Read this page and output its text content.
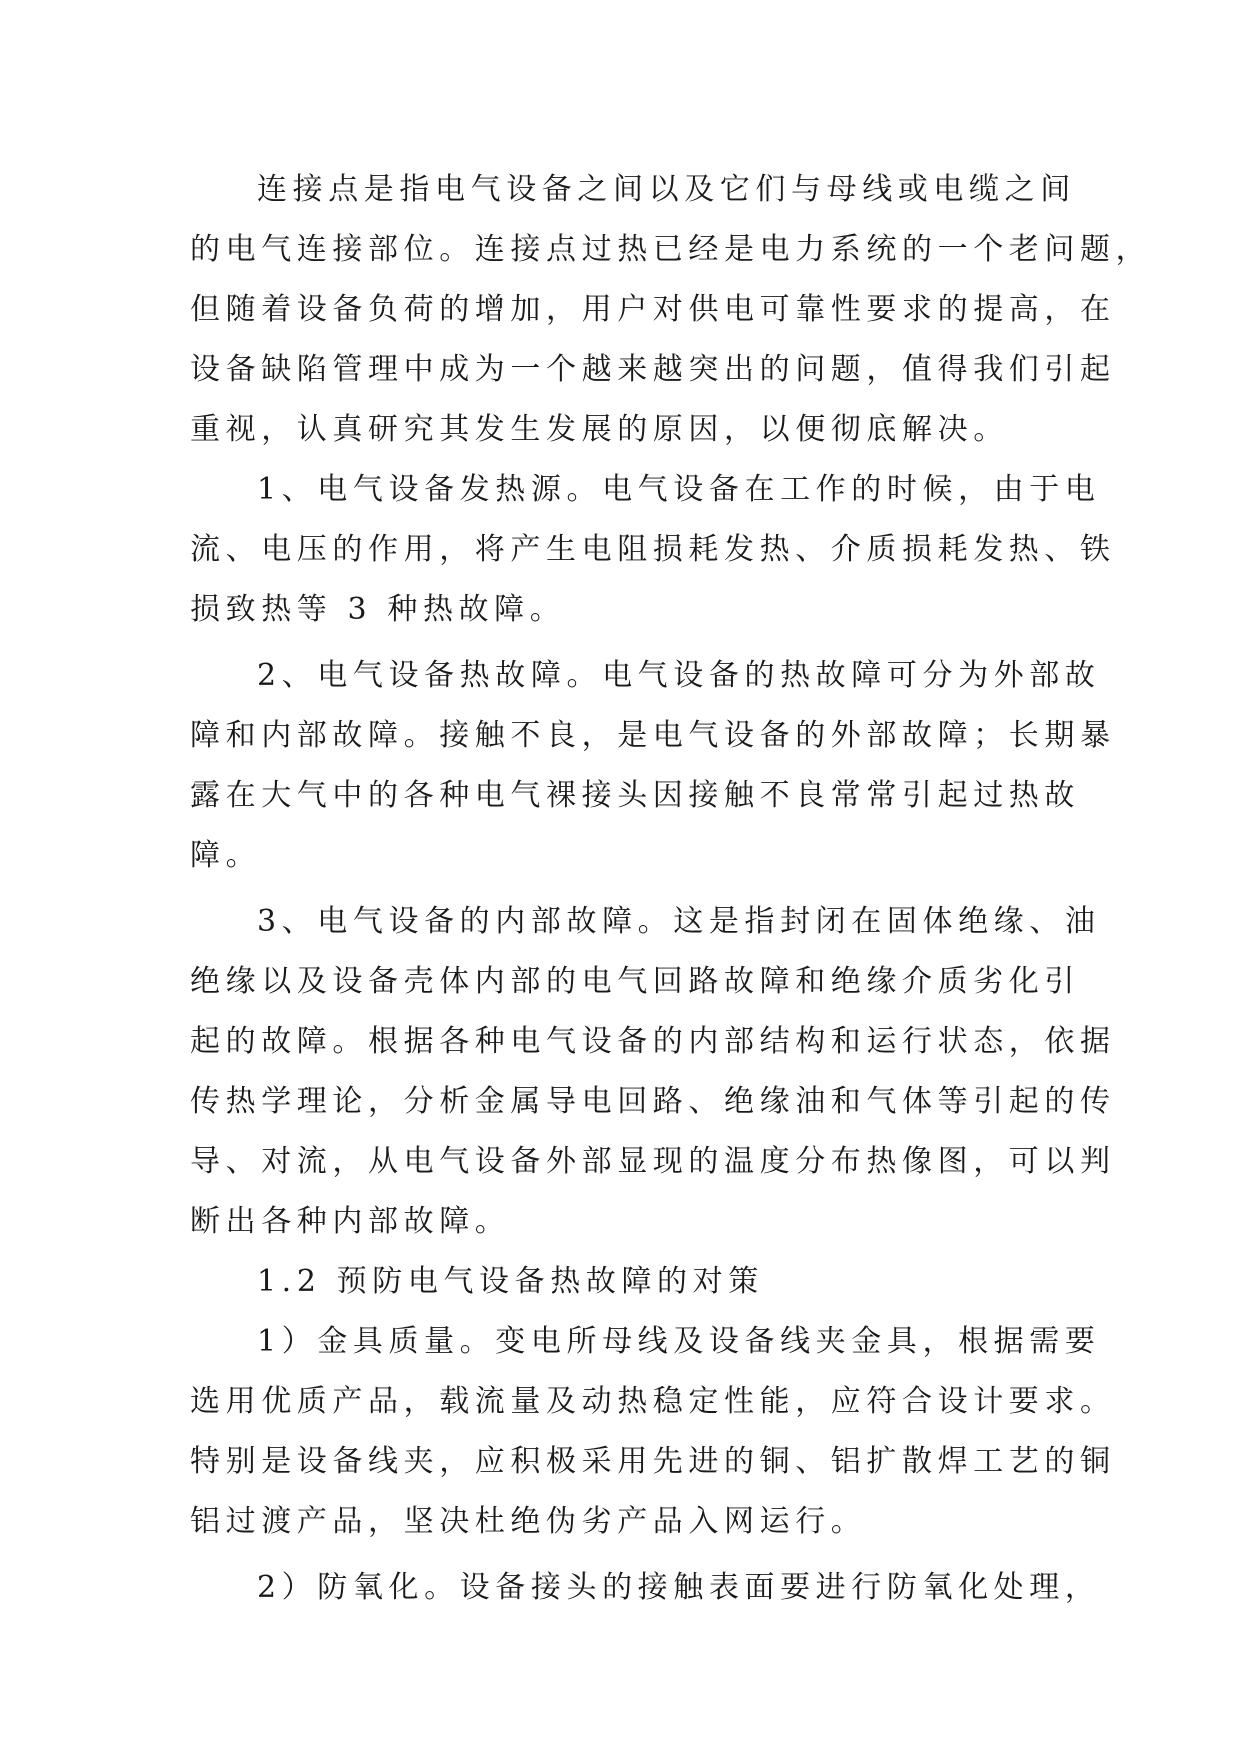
连接点是指电气设备之间以及它们与母线或电缆之间
的电气连接部位。连接点过热已经是电力系统的一个老问题，
但随着设备负荷的增加，用户对供电可靠性要求的提高，在
设备缺陷管理中成为一个越来越突出的问题，值得我们引起
重视，认真研究其发生发展的原因，以便彻底解决。
1、电气设备发热源。电气设备在工作的时候，由于电
流、电压的作用，将产生电阻损耗发热、介质损耗发热、铁
损致热等 3 种热故障。
2、电气设备热故障。电气设备的热故障可分为外部故
障和内部故障。接触不良，是电气设备的外部故障；长期暴
露在大气中的各种电气裸接头因接触不良常常引起过热故
障。
3、电气设备的内部故障。这是指封闭在固体绝缘、油
绝缘以及设备壳体内部的电气回路故障和绝缘介质劣化引
起的故障。根据各种电气设备的内部结构和运行状态，依据
传热学理论，分析金属导电回路、绝缘油和气体等引起的传
导、对流，从电气设备外部显现的温度分布热像图，可以判
断出各种内部故障。
1.2 预防电气设备热故障的对策
1）金具质量。变电所母线及设备线夹金具，根据需要
选用优质产品，载流量及动热稳定性能，应符合设计要求。
特别是设备线夹，应积极采用先进的铜、铝扩散焊工艺的铜
铝过渡产品，坚决杜绝伪劣产品入网运行。
2）防氧化。设备接头的接触表面要进行防氧化处理，
